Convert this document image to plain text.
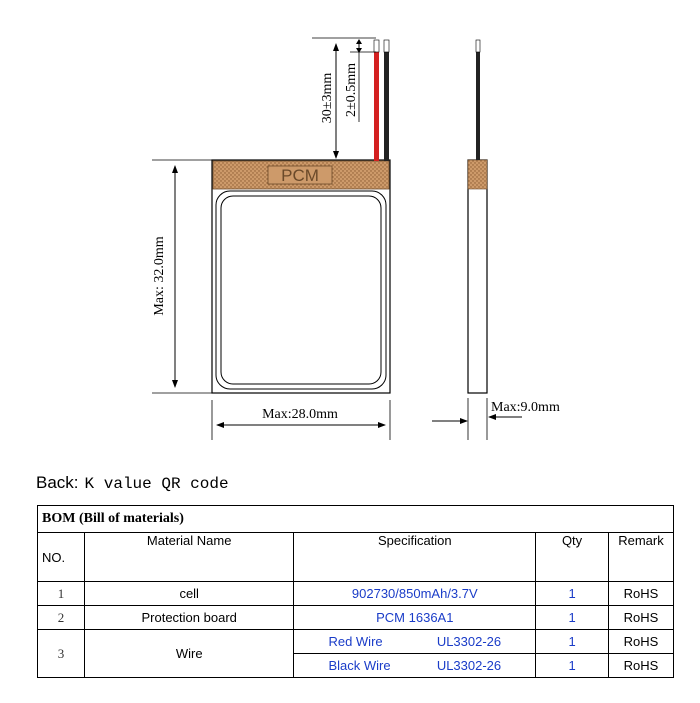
PCM
30±3mm 2±0.5mm
Max: 32.0mm
Max:28.0mm	Max:9.0mm
Back: K value QR code
BOM (Bill of materials)				
NO.	Material Name	Specification	Qty	Remark
1	cell	902730/850mAh/3.7V	1	RoHS
2	Protection board	PCM 1636A1	1	RoHS
3	Wire	Red Wire UL3302-26	1	RoHS

		Black Wire UL3302-26	1	RoHS
